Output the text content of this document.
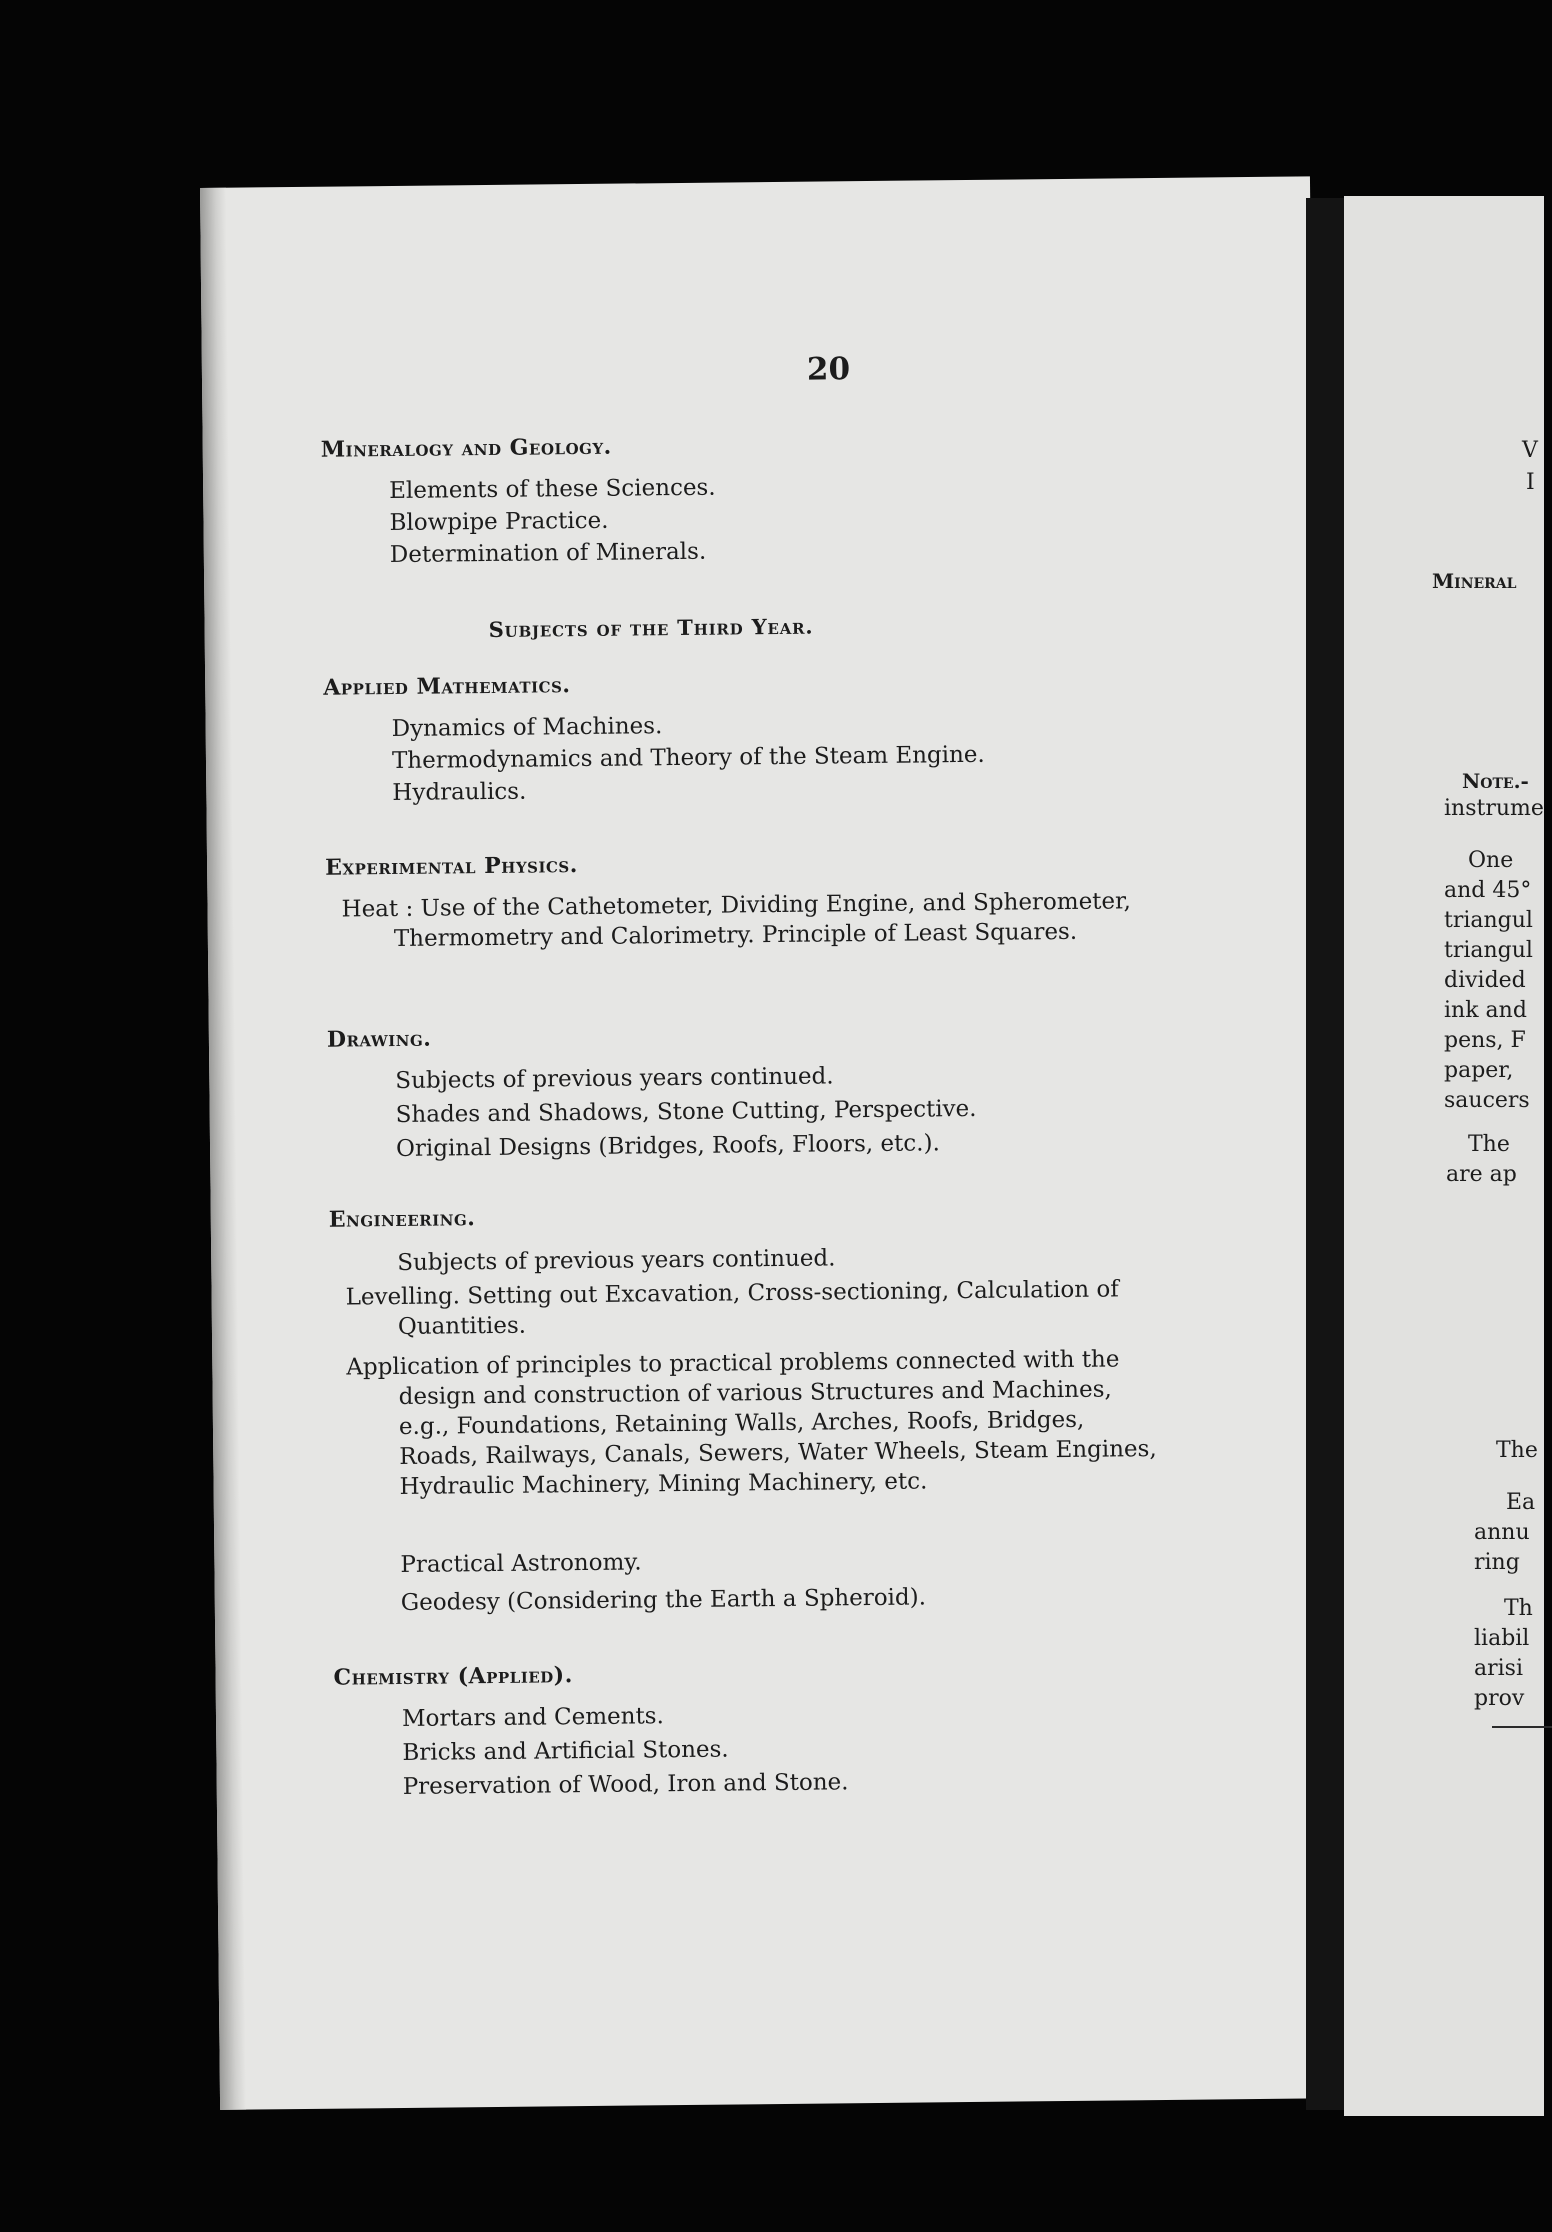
20
Mineralogy and Geology.
Elements of these Sciences.
Blowpipe Practice.
Determination of Minerals.
Subjects of the Third Year.
Applied Mathematics.
Dynamics of Machines.
Thermodynamics and Theory of the Steam Engine.
Hydraulics.
Experimental Physics.
Heat : Use of the Cathetometer, Dividing Engine, and Spherometer, Thermometry and Calorimetry. Principle of Least Squares.
Drawing.
Subjects of previous years continued.
Shades and Shadows, Stone Cutting, Perspective.
Original Designs (Bridges, Roofs, Floors, etc.).
Engineering.
Subjects of previous years continued.
Levelling. Setting out Excavation, Cross-sectioning, Calculation of Quantities.
Application of principles to practical problems connected with the design and construction of various Structures and Machines, e.g., Foundations, Retaining Walls, Arches, Roofs, Bridges, Roads, Railways, Canals, Sewers, Water Wheels, Steam Engines, Hydraulic Machinery, Mining Machinery, etc.
Practical Astronomy.
Geodesy (Considering the Earth a Spheroid).
Chemistry (Applied).
Mortars and Cements.
Bricks and Artificial Stones.
Preservation of Wood, Iron and Stone.
V
I
Mineral
Note.-
instrume
One
and 45°
triangul
triangul
divided
ink and
pens, F
paper,
saucers
The
are ap
The
Ea
annu
ring
Th
liabil
arisi
prov
